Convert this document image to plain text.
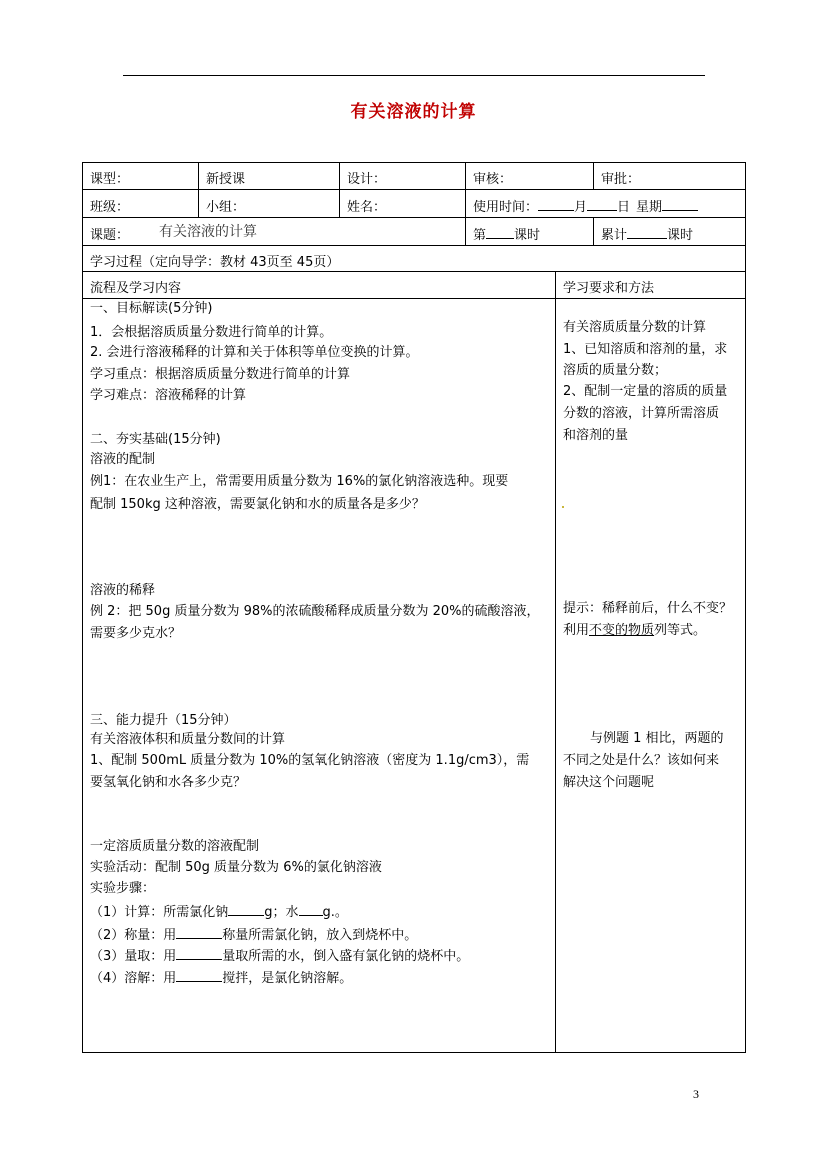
有关溶液的计算
课型：	新授课	设计：	审核：	审批：
班级：	小组：	姓名：	使用时间：	月 日 星期
课题： 有关溶液的计算	第 课时	累计	课时
学习过程（定向导学：教材 43页至 45页）
流程及学习内容	学习要求和方法
一、目标解读(5分钟)
1．会根据溶质质量分数进行简单的计算。
2. 会进行溶液稀释的计算和关于体积等单位变换的计算。
学习重点：根据溶质质量分数进行简单的计算
学习难点：溶液稀释的计算
二、夯实基础(15分钟)
溶液的配制
例1：在农业生产上，常需要用质量分数为 16%的氯化钠溶液选种。现要
配制 150kg 这种溶液，需要氯化钠和水的质量各是多少？
溶液的稀释
例 2：把 50g 质量分数为 98%的浓硫酸稀释成质量分数为 20%的硫酸溶液，
需要多少克水？
三、能力提升（15分钟）
有关溶液体积和质量分数间的计算
1、配制 500mL 质量分数为 10%的氢氧化钠溶液（密度为 1.1g/cm3），需
要氢氧化钠和水各多少克？
一定溶质质量分数的溶液配制
实验活动：配制 50g 质量分数为 6%的氯化钠溶液
实验步骤：
（1）计算：所需氯化钠	g；水 g.。
（2）称量：用	称量所需氯化钠，放入到烧杯中。
（3）量取：用	量取所需的水，倒入盛有氯化钠的烧杯中。
（4）溶解：用	搅拌，是氯化钠溶解。
有关溶质质量分数的计算
1、已知溶质和溶剂的量，求
溶质的质量分数；
2、配制一定量的溶质的质量
分数的溶液，计算所需溶质
和溶剂的量
提示：稀释前后，什么不变？
利用不变的物质列等式。
与例题 1 相比，两题的
不同之处是什么？该如何来
解决这个问题呢
3
